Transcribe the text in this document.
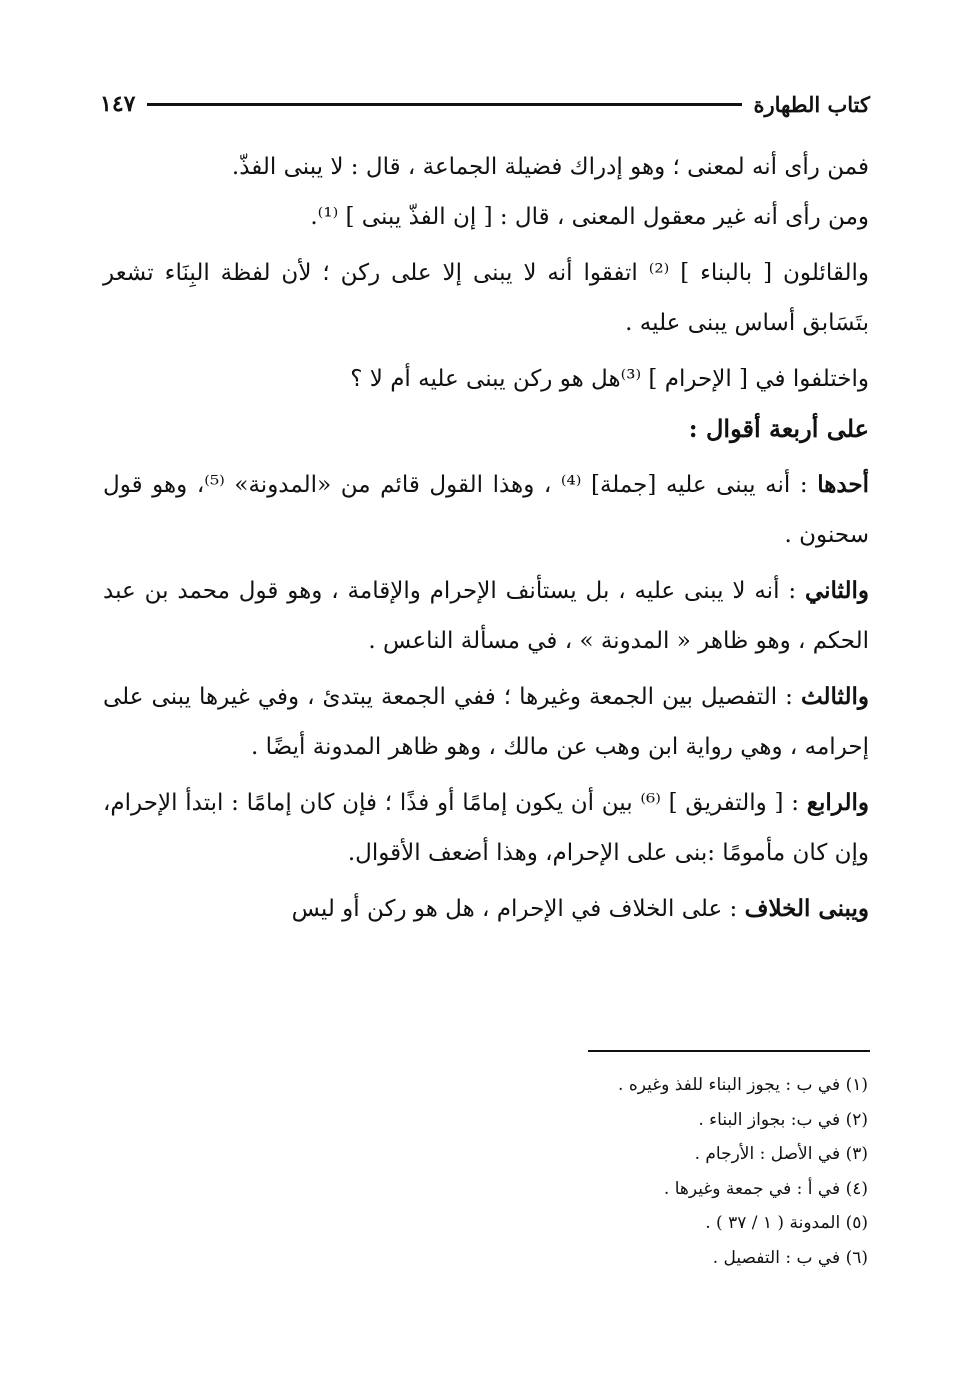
كتاب الطهارة
١٤٧

فمن رأى أنه لمعنى ؛ وهو إدراك فضيلة الجماعة ، قال : لا يبنى الفذّ.

ومن رأى أنه غير معقول المعنى ، قال : [ إن الفذّ يبنى ] ⁽¹⁾.

والقائلون [ بالبناء ] ⁽²⁾ اتفقوا أنه لا يبنى إلا على ركن ؛ لأن لفظة البِنَاء تشعر بتَسَابق أساس يبنى عليه .

واختلفوا في [ الإحرام ] ⁽³⁾هل هو ركن يبنى عليه أم لا ؟

على أربعة أقوال :

أحدها : أنه يبنى عليه [جملة] ⁽⁴⁾ ، وهذا القول قائم من «المدونة» ⁽⁵⁾، وهو قول سحنون .

والثاني : أنه لا يبنى عليه ، بل يستأنف الإحرام والإقامة ، وهو قول محمد بن عبد الحكم ، وهو ظاهر « المدونة » ، في مسألة الناعس .

والثالث : التفصيل بين الجمعة وغيرها ؛ ففي الجمعة يبتدئ ، وفي غيرها يبنى على إحرامه ، وهي رواية ابن وهب عن مالك ، وهو ظاهر المدونة أيضًا .

والرابع : [ والتفريق ] ⁽⁶⁾ بين أن يكون إمامًا أو فذًا ؛ فإن كان إمامًا : ابتدأ الإحرام، وإن كان مأمومًا :بنى على الإحرام، وهذا أضعف الأقوال.

ويبنى الخلاف : على الخلاف في الإحرام ، هل هو ركن أو ليس

(١) في ب : يجوز البناء للفذ وغيره .
(٢) في ب: بجواز البناء .
(٣) في الأصل : الأرجام .
(٤) في أ : في جمعة وغيرها .
(٥) المدونة ( ١ / ٣٧ ) .
(٦) في ب : التفصيل .
